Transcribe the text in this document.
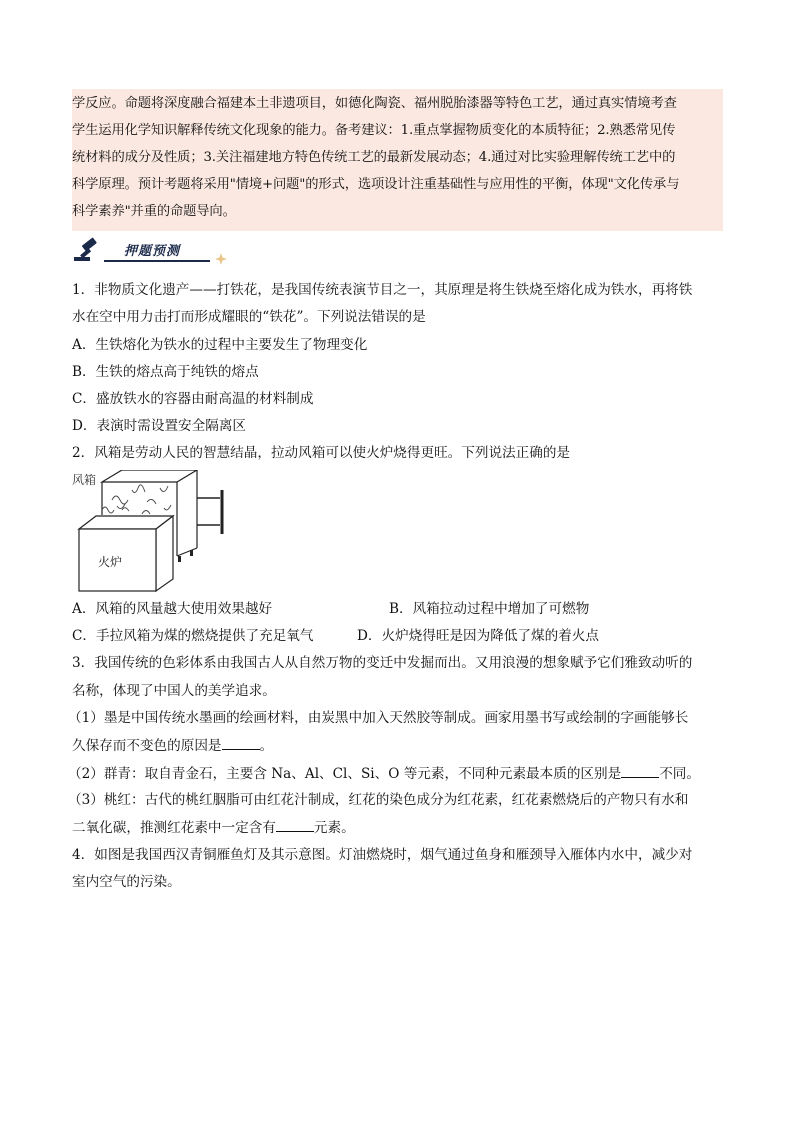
学反应。命题将深度融合福建本土非遗项目，如德化陶瓷、福州脱胎漆器等特色工艺，通过真实情境考查

学生运用化学知识解释传统文化现象的能力。备考建议：1.重点掌握物质变化的本质特征；2.熟悉常见传

统材料的成分及性质；3.关注福建地方特色传统工艺的最新发展动态；4.通过对比实验理解传统工艺中的

科学原理。预计考题将采用"情境+问题"的形式，选项设计注重基础性与应用性的平衡，体现"文化传承与

科学素养"并重的命题导向。

押题预测
1．非物质文化遗产——打铁花，是我国传统表演节目之一，其原理是将生铁烧至熔化成为铁水，再将铁
水在空中用力击打而形成耀眼的“铁花”。下列说法错误的是
A．生铁熔化为铁水的过程中主要发生了物理变化
B．生铁的熔点高于纯铁的熔点
C．盛放铁水的容器由耐高温的材料制成
D．表演时需设置安全隔离区
2．风箱是劳动人民的智慧结晶，拉动风箱可以使火炉烧得更旺。下列说法正确的是
风箱
火炉
A．风箱的风量越大使用效果越好	B．风箱拉动过程中增加了可燃物
C．手拉风箱为煤的燃烧提供了充足氧气	D．火炉烧得旺是因为降低了煤的着火点
3．我国传统的色彩体系由我国古人从自然万物的变迁中发掘而出。又用浪漫的想象赋予它们雅致动听的
名称，体现了中国人的美学追求。
（1）墨是中国传统水墨画的绘画材料，由炭黑中加入天然胶等制成。画家用墨书写或绘制的字画能够长
久保存而不变色的原因是	。
（2）群青：取自青金石，主要含 Na、Al、Cl、Si、O 等元素，不同种元素最本质的区别是	不同。
（3）桃红：古代的桃红胭脂可由红花汁制成，红花的染色成分为红花素，红花素燃烧后的产物只有水和
二氧化碳，推测红花素中一定含有	元素。
4．如图是我国西汉青铜雁鱼灯及其示意图。灯油燃烧时，烟气通过鱼身和雁颈导入雁体内水中，减少对
室内空气的污染。
